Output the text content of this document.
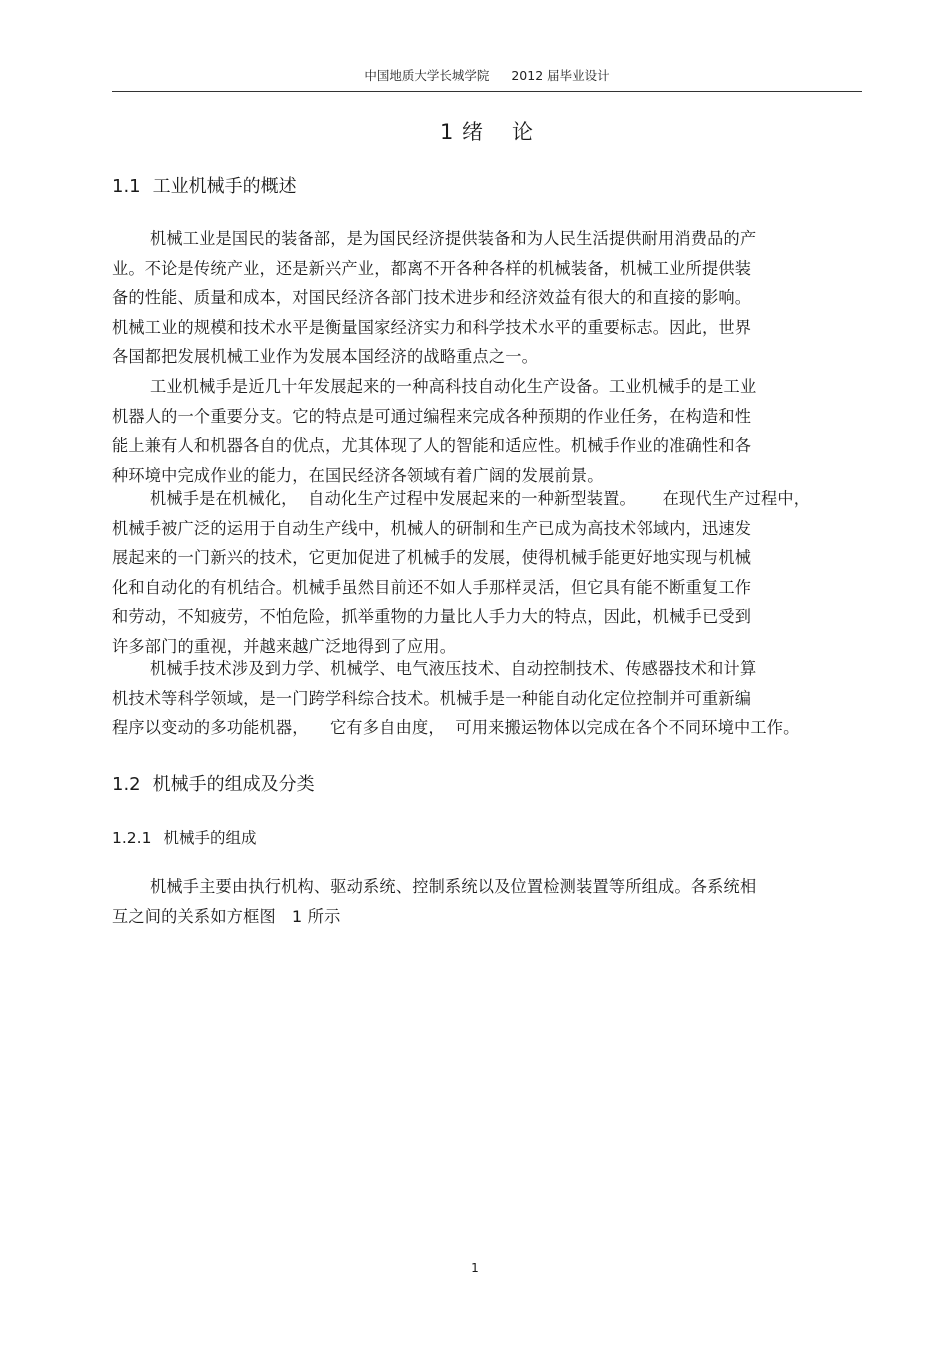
中国地质大学长城学院 2012 届毕业设计
1 绪 论
1.1 工业机械手的概述
机械工业是国民的装备部，是为国民经济提供装备和为人民生活提供耐用消费品的产
业。不论是传统产业，还是新兴产业，都离不开各种各样的机械装备，机械工业所提供装
备的性能、质量和成本，对国民经济各部门技术进步和经济效益有很大的和直接的影响。
机械工业的规模和技术水平是衡量国家经济实力和科学技术水平的重要标志。因此，世界
各国都把发展机械工业作为发展本国经济的战略重点之一。
工业机械手是近几十年发展起来的一种高科技自动化生产设备。工业机械手的是工业
机器人的一个重要分支。它的特点是可通过编程来完成各种预期的作业任务，在构造和性
能上兼有人和机器各自的优点，尤其体现了人的智能和适应性。机械手作业的准确性和各
种环境中完成作业的能力，在国民经济各领域有着广阔的发展前景。
机械手是在机械化，  自动化生产过程中发展起来的一种新型装置。     在现代生产过程中，
机械手被广泛的运用于自动生产线中，机械人的研制和生产已成为高技术邻域内，迅速发
展起来的一门新兴的技术，它更加促进了机械手的发展，使得机械手能更好地实现与机械
化和自动化的有机结合。机械手虽然目前还不如人手那样灵活，但它具有能不断重复工作
和劳动，不知疲劳，不怕危险，抓举重物的力量比人手力大的特点，因此，机械手已受到
许多部门的重视，并越来越广泛地得到了应用。
机械手技术涉及到力学、机械学、电气液压技术、自动控制技术、传感器技术和计算
机技术等科学领域，是一门跨学科综合技术。机械手是一种能自动化定位控制并可重新编
程序以变动的多功能机器，    它有多自由度，  可用来搬运物体以完成在各个不同环境中工作。
1.2 机械手的组成及分类
1.2.1 机械手的组成
机械手主要由执行机构、驱动系统、控制系统以及位置检测装置等所组成。各系统相
互之间的关系如方框图   1 所示
1
